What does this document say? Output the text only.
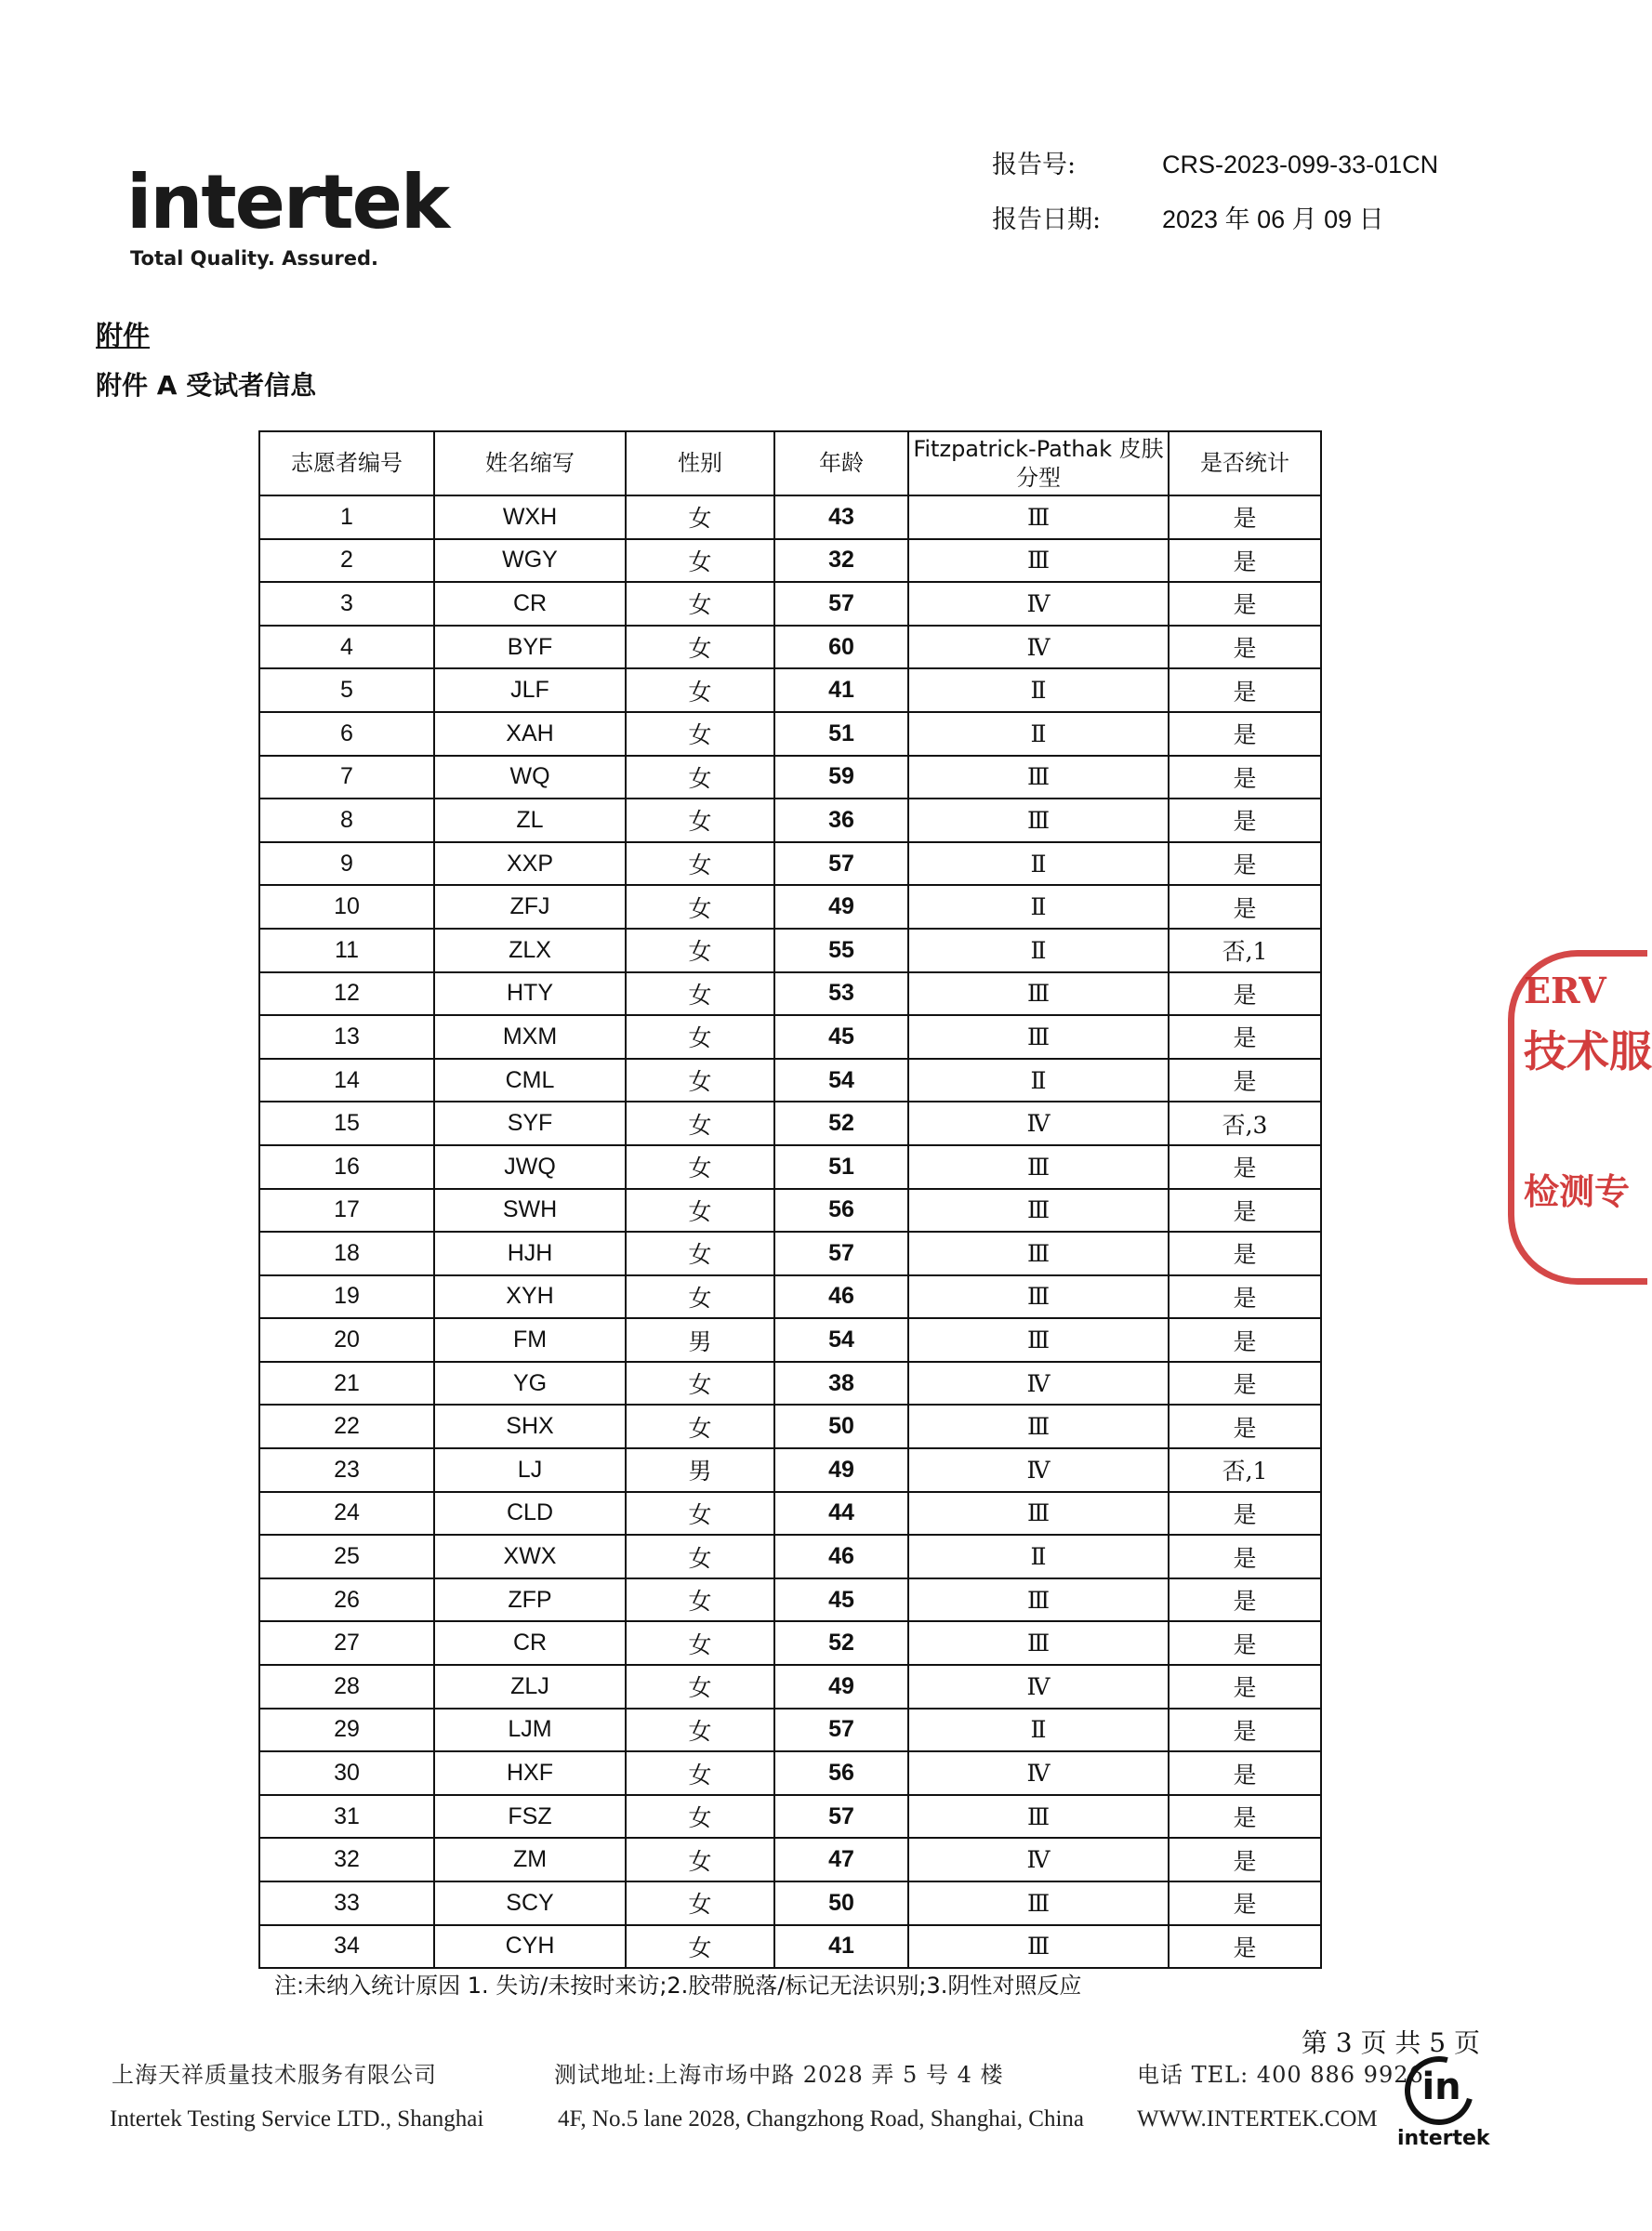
intertek
Total Quality. Assured.
报告号:	CRS-2023-099-33-01CN
报告日期: 2023 年 06 月 09 日
附件
附件 A 受试者信息
志愿者编号	姓名缩写	性别	年龄	Fitzpatrick-Pathak 皮肤分型	是否统计
1	WXH	女	43	Ⅲ	是
2	WGY	女	32	Ⅲ	是
3	CR	女	57	Ⅳ	是
4	BYF	女	60	Ⅳ	是
5	JLF	女	41	Ⅱ	是
6	XAH	女	51	Ⅱ	是
7	WQ	女	59	Ⅲ	是
8	ZL	女	36	Ⅲ	是
9	XXP	女	57	Ⅱ	是
10	ZFJ	女	49	Ⅱ	是
11	ZLX	女	55	Ⅱ	否,1
12	HTY	女	53	Ⅲ	是
13	MXM	女	45	Ⅲ	是
14	CML	女	54	Ⅱ	是
15	SYF	女	52	Ⅳ	否,3
16	JWQ	女	51	Ⅲ	是
17	SWH	女	56	Ⅲ	是
18	HJH	女	57	Ⅲ	是
19	XYH	女	46	Ⅲ	是
20	FM	男	54	Ⅲ	是
21	YG	女	38	Ⅳ	是
22	SHX	女	50	Ⅲ	是
23	LJ	男	49	Ⅳ	否,1
24	CLD	女	44	Ⅲ	是
25	XWX	女	46	Ⅱ	是
26	ZFP	女	45	Ⅲ	是
27	CR	女	52	Ⅲ	是
28	ZLJ	女	49	Ⅳ	是
29	LJM	女	57	Ⅱ	是
30	HXF	女	56	Ⅳ	是
31	FSZ	女	57	Ⅲ	是
32	ZM	女	47	Ⅳ	是
33	SCY	女	50	Ⅲ	是
34	CYH	女	41	Ⅲ	是
注:未纳入统计原因 1. 失访/未按时来访;2.胶带脱落/标记无法识别;3.阴性对照反应
第 3 页 共 5 页
上海天祥质量技术服务有限公司
Intertek Testing Service LTD., Shanghai
测试地址:上海市场中路 2028 弄 5 号 4 楼
4F, No.5 lane 2028, Changzhong Road, Shanghai, China
电话 TEL: 400 886 9926
WWW.INTERTEK.COM
in
intertek
ERV
技术服
检测专
